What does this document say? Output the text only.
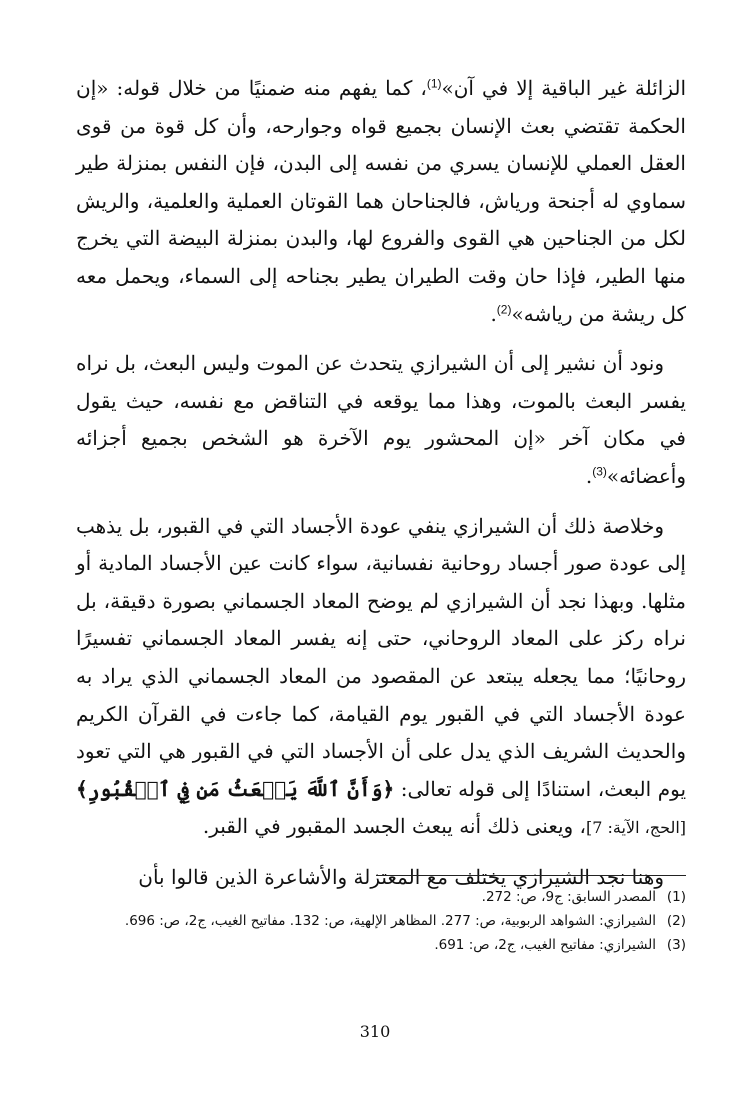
الزائلة غير الباقية إلا في آن»$^{(1)}$، كما يفهم منه ضمنيًا من خلال قوله: «إن الحكمة تقتضي بعث الإنسان بجميع قواه وجوارحه، وأن كل قوة من قوى العقل العملي للإنسان يسري من نفسه إلى البدن، فإن النفس بمنزلة طير سماوي له أجنحة ورياش، فالجناحان هما القوتان العملية والعلمية، والريش لكل من الجناحين هي القوى والفروع لها، والبدن بمنزلة البيضة التي يخرج منها الطير، فإذا حان وقت الطيران يطير بجناحه إلى السماء، ويحمل معه كل ريشة من رياشه»$^{(2)}$.

ونود أن نشير إلى أن الشيرازي يتحدث عن الموت وليس البعث، بل نراه يفسر البعث بالموت، وهذا مما يوقعه في التناقض مع نفسه، حيث يقول في مكان آخر «إن المحشور يوم الآخرة هو الشخص بجميع أجزائه وأعضائه»$^{(3)}$.

وخلاصة ذلك أن الشيرازي ينفي عودة الأجساد التي في القبور، بل يذهب إلى عودة صور أجساد روحانية نفسانية، سواء كانت عين الأجساد المادية أو مثلها. وبهذا نجد أن الشيرازي لم يوضح المعاد الجسماني بصورة دقيقة، بل نراه ركز على المعاد الروحاني، حتى إنه يفسر المعاد الجسماني تفسيرًا روحانيًا؛ مما يجعله يبتعد عن المقصود من المعاد الجسماني الذي يراد به عودة الأجساد التي في القبور يوم القيامة، كما جاءت في القرآن الكريم والحديث الشريف الذي يدل على أن الأجساد التي في القبور هي التي تعود يوم البعث، استنادًا إلى قوله تعالى: ﴿وَأَنَّ ٱللَّهَ يَبۡعَثُ مَن فِي ٱلۡقُبُورِ﴾ [الحج، الآية: 7]، ويعنى ذلك أنه يبعث الجسد المقبور في القبر.

وهنا نجد الشيرازي يختلف مع المعتزلة والأشاعرة الذين قالوا بأن

(1)
المصدر السابق: ج9، ص: 272.
(2)
الشيرازي: الشواهد الربوبية، ص: 277. المظاهر الإلهية، ص: 132. مفاتيح الغيب، ج2، ص: 696.
(3)
الشيرازي: مفاتيح الغيب، ج2، ص: 691.
310
